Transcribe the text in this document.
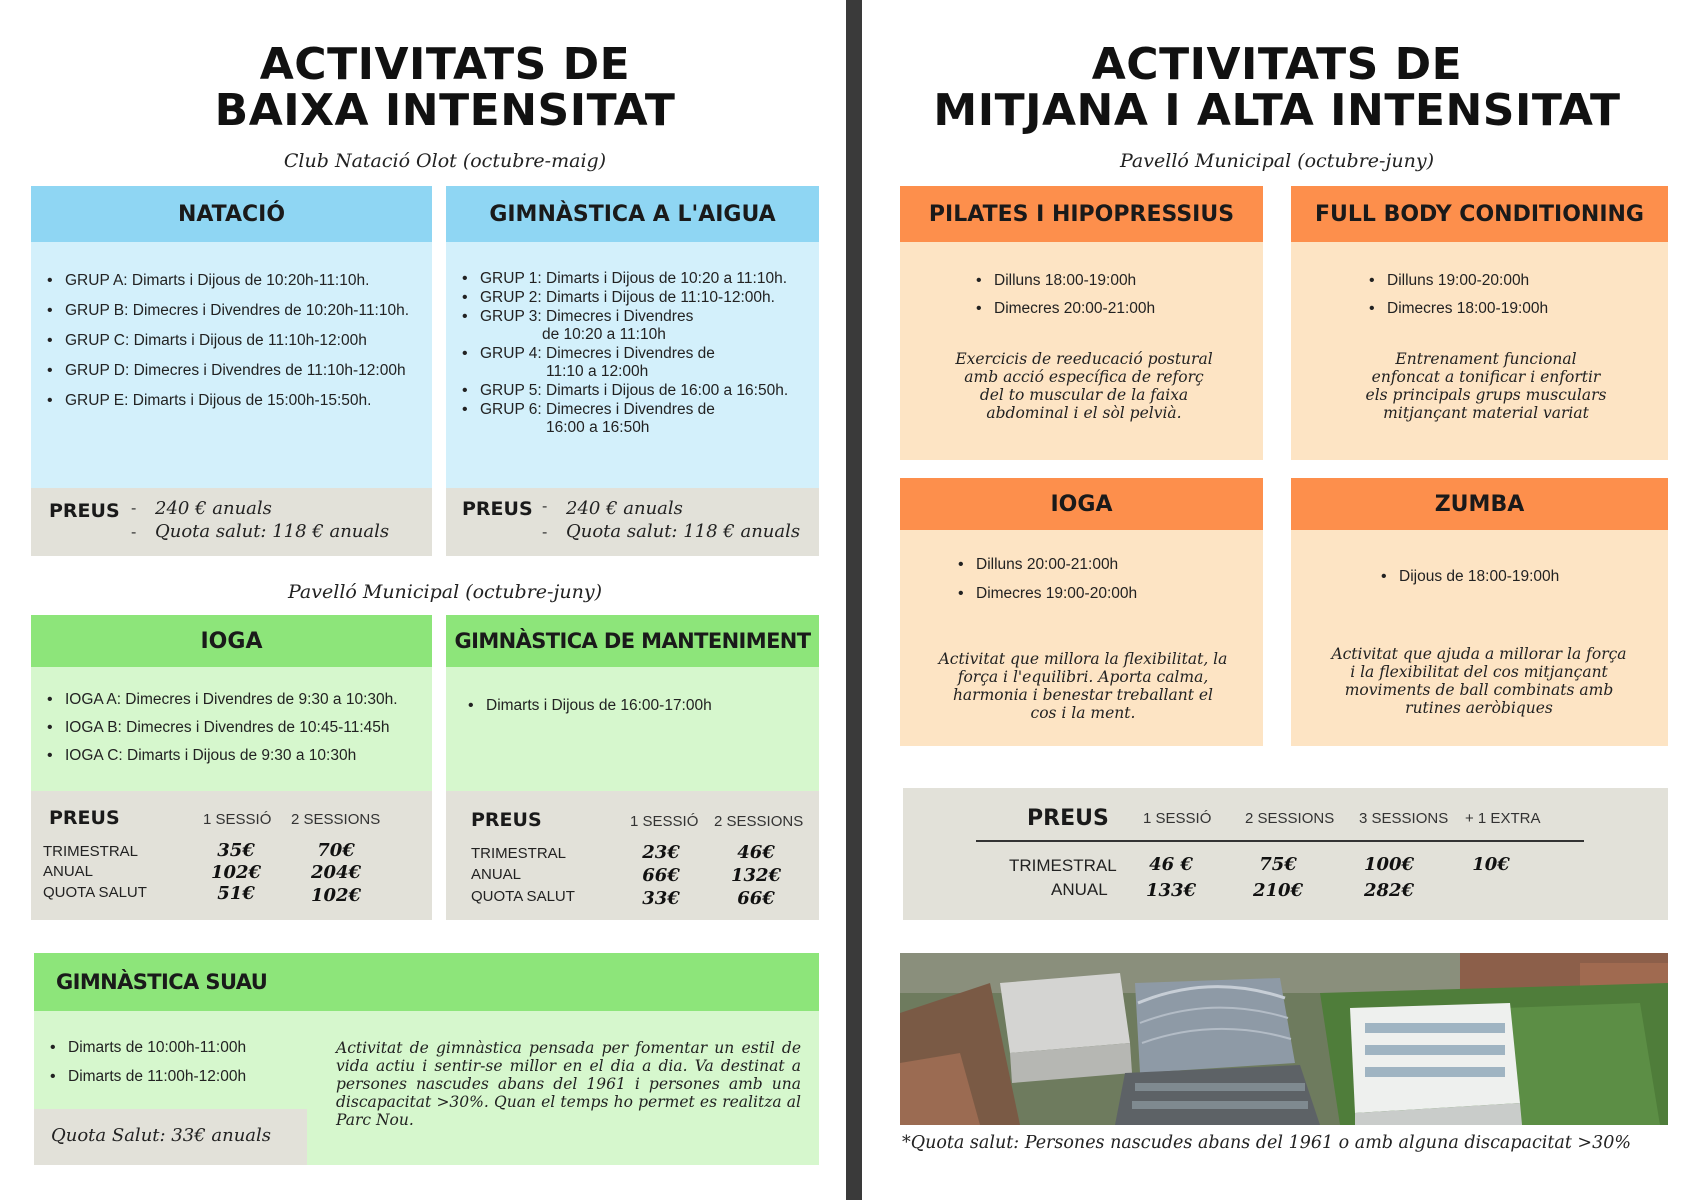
ACTIVITATS DE
BAIXA INTENSITAT
Club Natació Olot (octubre-maig)
NATACIÓ
• GRUP A: Dimarts i Dijous de 10:20h-11:10h.
• GRUP B: Dimecres i Divendres de 10:20h-11:10h.
• GRUP C: Dimarts i Dijous de 11:10h-12:00h
• GRUP D: Dimecres i Divendres de 11:10h-12:00h
• GRUP E: Dimarts i Dijous de 15:00h-15:50h.
PREUS -
-
240 € anuals
Quota salut: 118 € anuals
GIMNÀSTICA A L'AIGUA
• GRUP 1: Dimarts i Dijous de 10:20 a 11:10h.
• GRUP 2: Dimarts i Dijous de 11:10-12:00h.
• GRUP 3: Dimecres i Divendres
de 10:20 a 11:10h
• GRUP 4: Dimecres i Divendres de
11:10 a 12:00h
• GRUP 5: Dimarts i Dijous de 16:00 a 16:50h.
• GRUP 6: Dimecres i Divendres de
16:00 a 16:50h
PREUS -
-
240 € anuals
Quota salut: 118 € anuals
Pavelló Municipal (octubre-juny)
IOGA
• IOGA A: Dimecres i Divendres de 9:30 a 10:30h.
• IOGA B: Dimecres i Divendres de 10:45-11:45h
• IOGA C: Dimarts i Dijous de 9:30 a 10:30h
PREUS	1 SESSIÓ 2 SESSIONS
TRIMESTRAL
ANUAL
QUOTA SALUT
35€
102€
51€
70€
204€
102€
GIMNÀSTICA DE MANTENIMENT
• Dimarts i Dijous de 16:00-17:00h
PREUS	1 SESSIÓ 2 SESSIONS
TRIMESTRAL
ANUAL
QUOTA SALUT
23€
66€
33€
46€
132€
66€
GIMNÀSTICA SUAU
• Dimarts de 10:00h-11:00h
• Dimarts de 11:00h-12:00h
Activitat de gimnàstica pensada per fomentar un estil de vida actiu i sentir-se millor en el dia a dia. Va destinat a persones nascudes abans del 1961 i persones amb una discapacitat >30%. Quan el temps ho permet es realitza al Parc Nou.
Quota Salut: 33€ anuals
ACTIVITATS DE
MITJANA I ALTA INTENSITAT
Pavelló Municipal (octubre-juny)
PILATES I HIPOPRESSIUS
• Dilluns 18:00-19:00h
• Dimecres 20:00-21:00h
Exercicis de reeducació postural amb acció específica de reforç del to muscular de la faixa abdominal i el sòl pelvià.
FULL BODY CONDITIONING
• Dilluns 19:00-20:00h
• Dimecres 18:00-19:00h
Entrenament funcional enfoncat a tonificar i enfortir els principals grups musculars mitjançant material variat
IOGA
• Dilluns 20:00-21:00h
• Dimecres 19:00-20:00h
Activitat que millora la flexibilitat, la força i l'equilibri. Aporta calma, harmonia i benestar treballant el cos i la ment.
ZUMBA
• Dijous de 18:00-19:00h
Activitat que ajuda a millorar la força i la flexibilitat del cos mitjançant moviments de ball combinats amb rutines aeròbiques
PREUS 1 SESSIÓ 2 SESSIONS 3 SESSIONS + 1 EXTRA
TRIMESTRAL
ANUAL
46 €
133€
75€
210€
100€
282€
10€
*Quota salut: Persones nascudes abans del 1961 o amb alguna discapacitat >30%
